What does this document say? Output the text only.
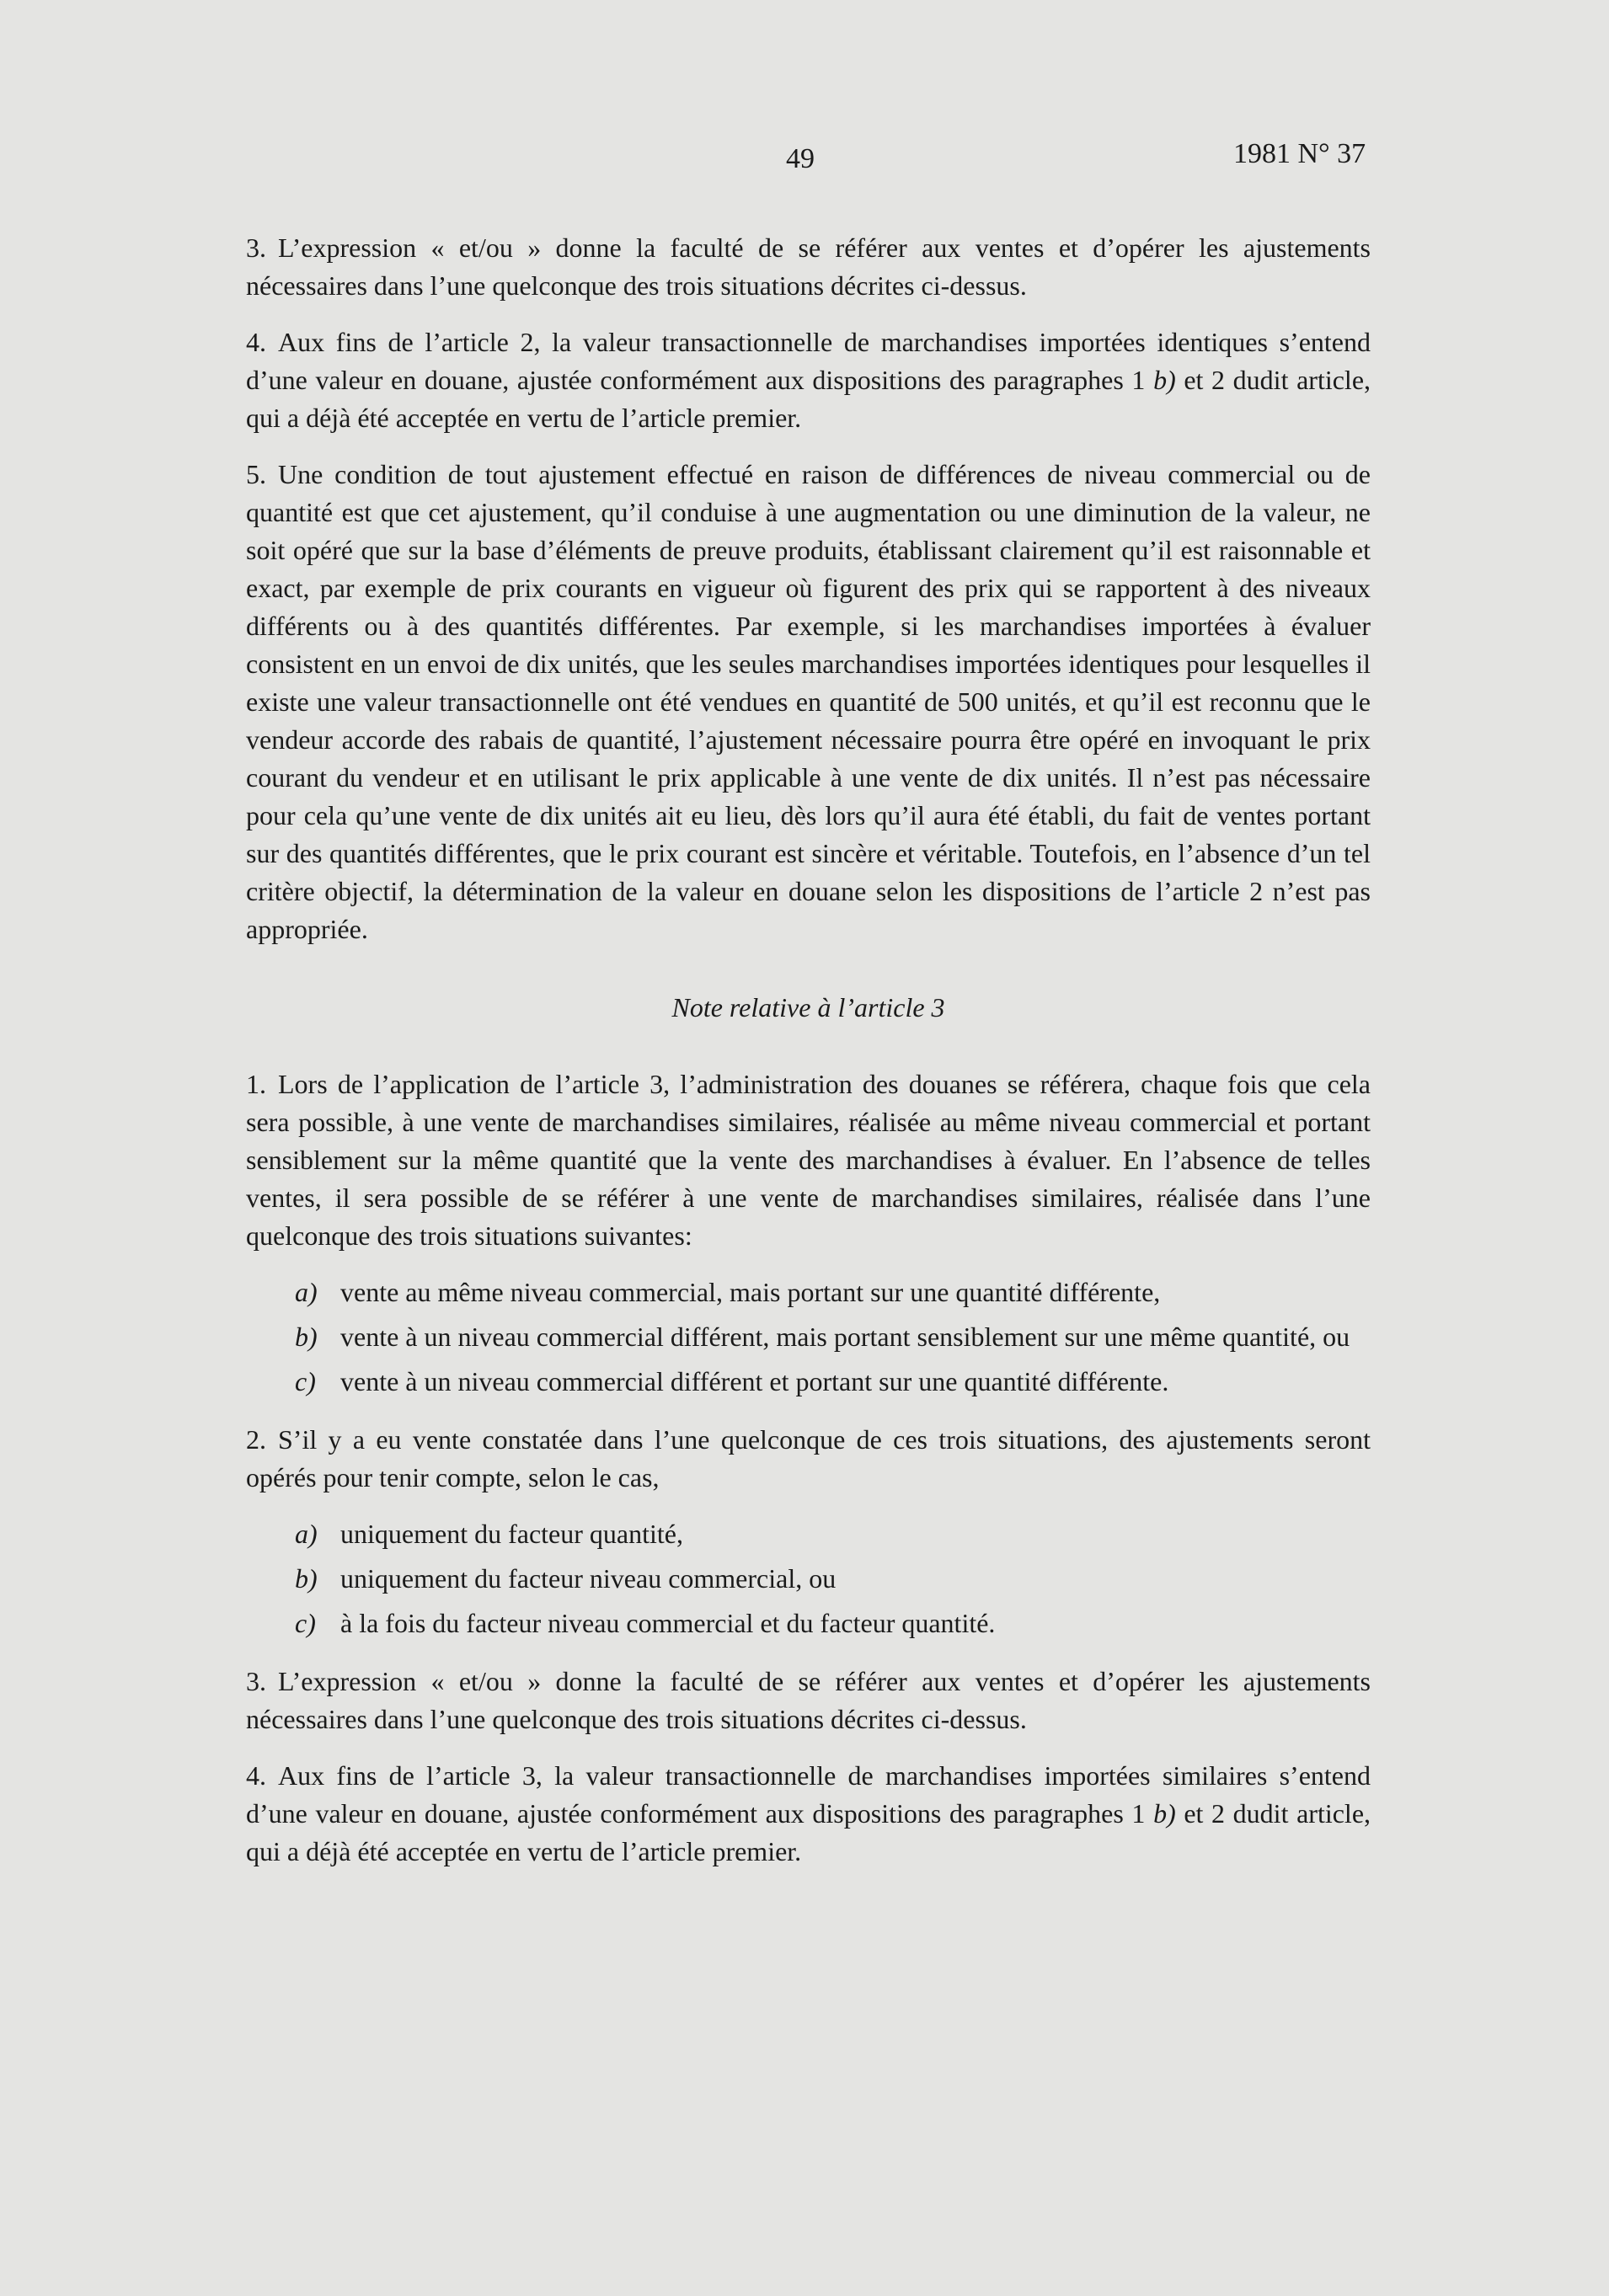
49	1981 N° 37

3. L’expression « et/ou » donne la faculté de se référer aux ventes et d’opérer les ajustements nécessaires dans l’une quelconque des trois situations décrites ci-dessus.

4. Aux fins de l’article 2, la valeur transactionnelle de marchandises importées identiques s’entend d’une valeur en douane, ajustée conformément aux dispositions des paragraphes 1 b) et 2 dudit article, qui a déjà été acceptée en vertu de l’article premier.

5. Une condition de tout ajustement effectué en raison de différences de niveau commercial ou de quantité est que cet ajustement, qu’il conduise à une augmentation ou une diminution de la valeur, ne soit opéré que sur la base d’éléments de preuve produits, établissant clairement qu’il est raisonnable et exact, par exemple de prix courants en vigueur où figurent des prix qui se rapportent à des niveaux différents ou à des quantités différentes. Par exemple, si les marchandises importées à évaluer consistent en un envoi de dix unités, que les seules marchandises importées identiques pour lesquelles il existe une valeur transactionnelle ont été vendues en quantité de 500 unités, et qu’il est reconnu que le vendeur accorde des rabais de quantité, l’ajustement nécessaire pourra être opéré en invoquant le prix courant du vendeur et en utilisant le prix applicable à une vente de dix unités. Il n’est pas nécessaire pour cela qu’une vente de dix unités ait eu lieu, dès lors qu’il aura été établi, du fait de ventes portant sur des quantités différentes, que le prix courant est sincère et véritable. Toutefois, en l’absence d’un tel critère objectif, la détermination de la valeur en douane selon les dispositions de l’article 2 n’est pas appropriée.

Note relative à l’article 3

1. Lors de l’application de l’article 3, l’administration des douanes se référera, chaque fois que cela sera possible, à une vente de marchandises similaires, réalisée au même niveau commercial et portant sensiblement sur la même quantité que la vente des marchandises à évaluer. En l’absence de telles ventes, il sera possible de se référer à une vente de marchandises similaires, réalisée dans l’une quelconque des trois situations suivantes:

a) vente au même niveau commercial, mais portant sur une quantité différente,
b) vente à un niveau commercial différent, mais portant sensiblement sur une même quantité, ou
c) vente à un niveau commercial différent et portant sur une quantité différente.

2. S’il y a eu vente constatée dans l’une quelconque de ces trois situations, des ajustements seront opérés pour tenir compte, selon le cas,

a) uniquement du facteur quantité,
b) uniquement du facteur niveau commercial, ou
c) à la fois du facteur niveau commercial et du facteur quantité.

3. L’expression « et/ou » donne la faculté de se référer aux ventes et d’opérer les ajustements nécessaires dans l’une quelconque des trois situations décrites ci-dessus.

4. Aux fins de l’article 3, la valeur transactionnelle de marchandises importées similaires s’entend d’une valeur en douane, ajustée conformément aux dispositions des paragraphes 1 b) et 2 dudit article, qui a déjà été acceptée en vertu de l’article premier.
